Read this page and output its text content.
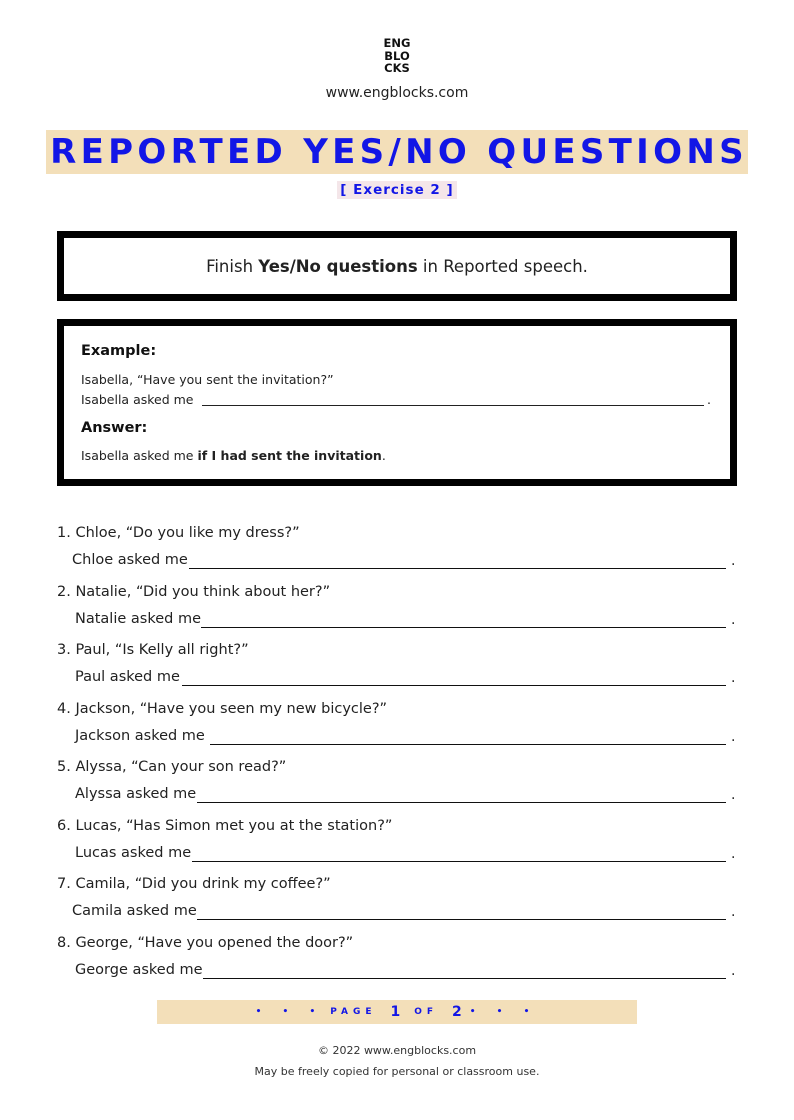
ENG
BLO
CKS
www.engblocks.com
REPORTED YES/NO QUESTIONS
[ Exercise 2 ]
Finish Yes/No questions in Reported speech.
Example:
Isabella, “Have you sent the invitation?”
Isabella asked me	.
Answer:
Isabella asked me if I had sent the invitation.
1. Chloe, “Do you like my dress?”
Chloe asked me	.
2. Natalie, “Did you think about her?”
Natalie asked me	.
3. Paul, “Is Kelly all right?”
Paul asked me	.
4. Jackson, “Have you seen my new bicycle?”
Jackson asked me	.
5. Alyssa, “Can your son read?”
Alyssa asked me	.
6. Lucas, “Has Simon met you at the station?”
Lucas asked me	.
7. Camila, “Did you drink my coffee?”
Camila asked me	.
8. George, “Have you opened the door?”
George asked me	.
• • • PAGE 1 OF 2 • • •
© 2022 www.engblocks.com
May be freely copied for personal or classroom use.
